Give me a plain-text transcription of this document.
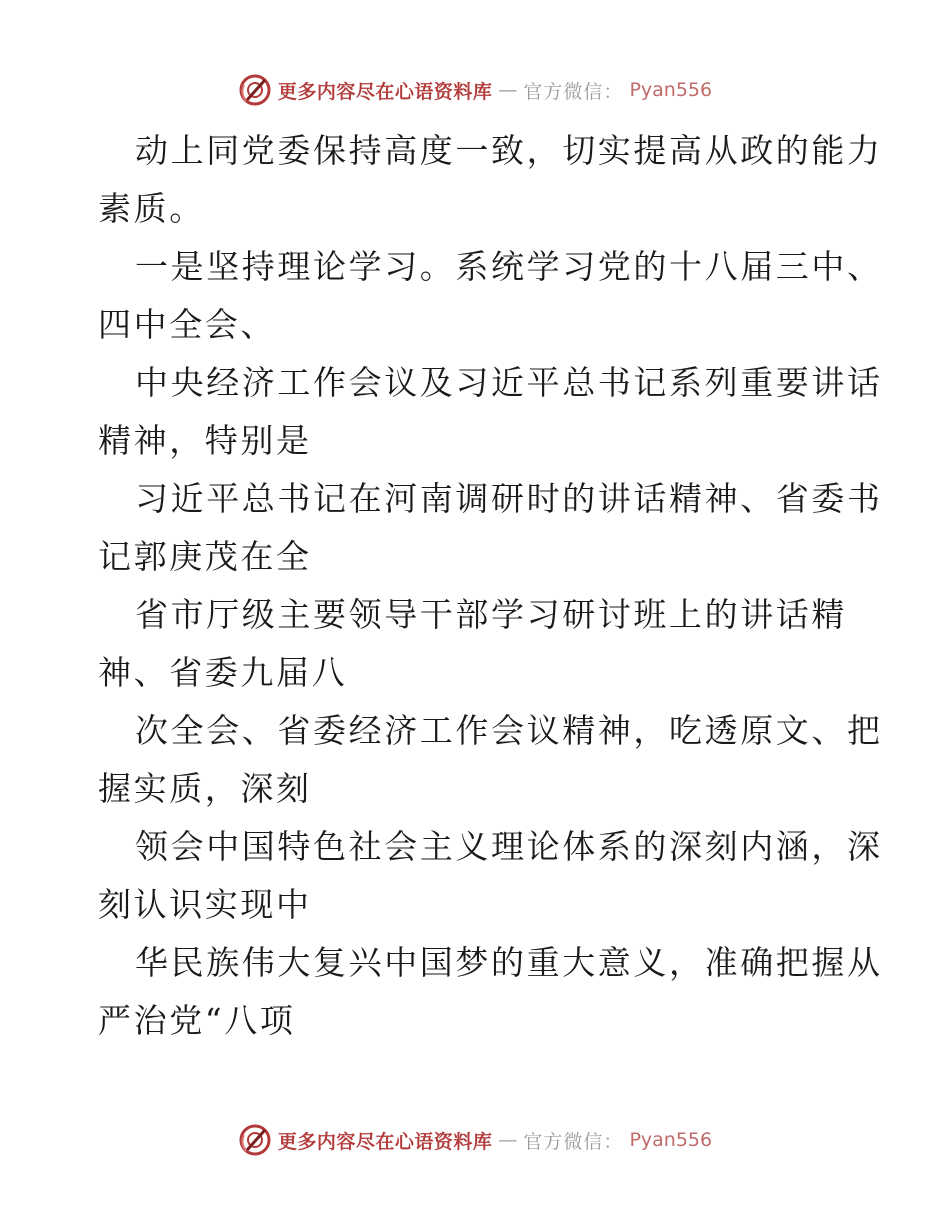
更多内容尽在心语资料库 — 官方微信： Pyan556
动上同党委保持高度一致，切实提高从政的能力
素质。
一是坚持理论学习。系统学习党的十八届三中、
四中全会、
中央经济工作会议及习近平总书记系列重要讲话
精神，特别是
习近平总书记在河南调研时的讲话精神、省委书
记郭庚茂在全
省市厅级主要领导干部学习研讨班上的讲话精
神、省委九届八
次全会、省委经济工作会议精神，吃透原文、把
握实质，深刻
领会中国特色社会主义理论体系的深刻内涵，深
刻认识实现中
华民族伟大复兴中国梦的重大意义，准确把握从
严治党“八项
更多内容尽在心语资料库 — 官方微信： Pyan556
